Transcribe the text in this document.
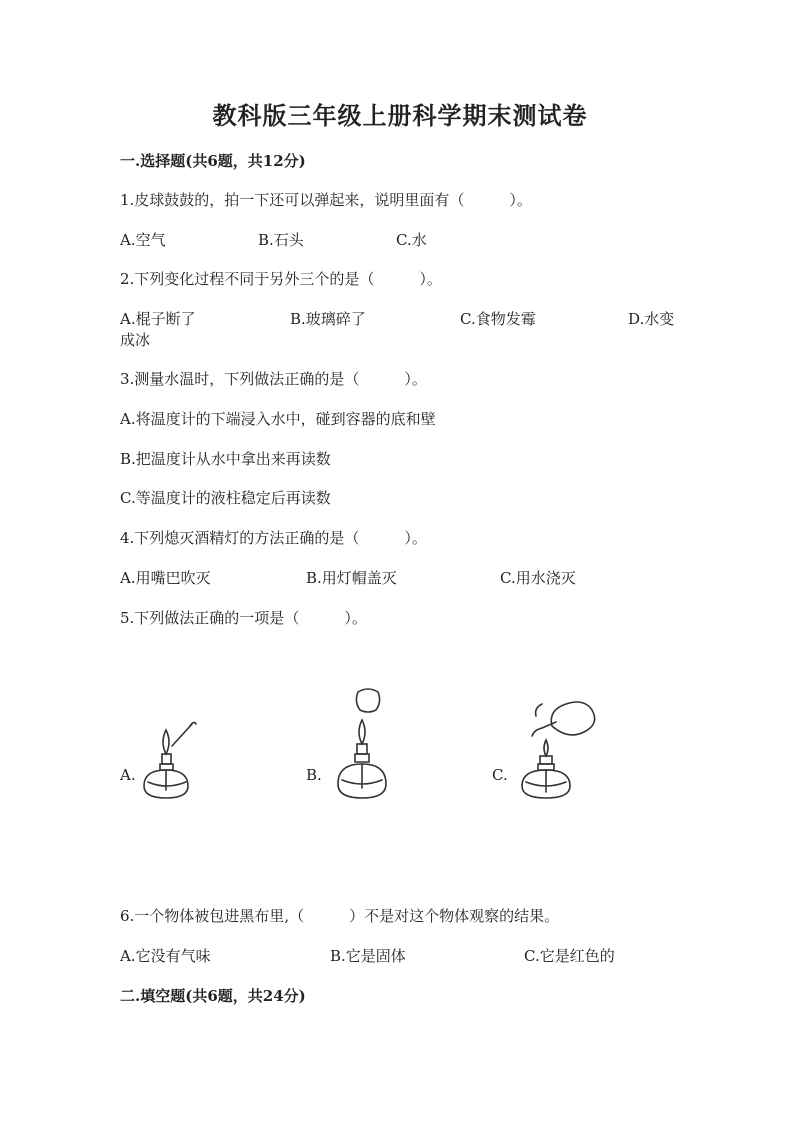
教科版三年级上册科学期末测试卷
一.选择题(共6题，共12分)
1.皮球鼓鼓的，拍一下还可以弹起来，说明里面有（　　　）。
A.空气	B.石头	C.水
2.下列变化过程不同于另外三个的是（　　　）。
A.棍子断了	B.玻璃碎了	C.食物发霉	D.水变
成冰
3.测量水温时，下列做法正确的是（　　　）。
A.将温度计的下端浸入水中，碰到容器的底和壁
B.把温度计从水中拿出来再读数
C.等温度计的液柱稳定后再读数
4.下列熄灭酒精灯的方法正确的是（　　　）。
A.用嘴巴吹灭	B.用灯帽盖灭	C.用水浇灭
5.下列做法正确的一项是（　　　）。
A.	B.	C.
6.一个物体被包进黑布里,（　　　）不是对这个物体观察的结果。
A.它没有气味	B.它是固体	C.它是红色的
二.填空题(共6题，共24分)
